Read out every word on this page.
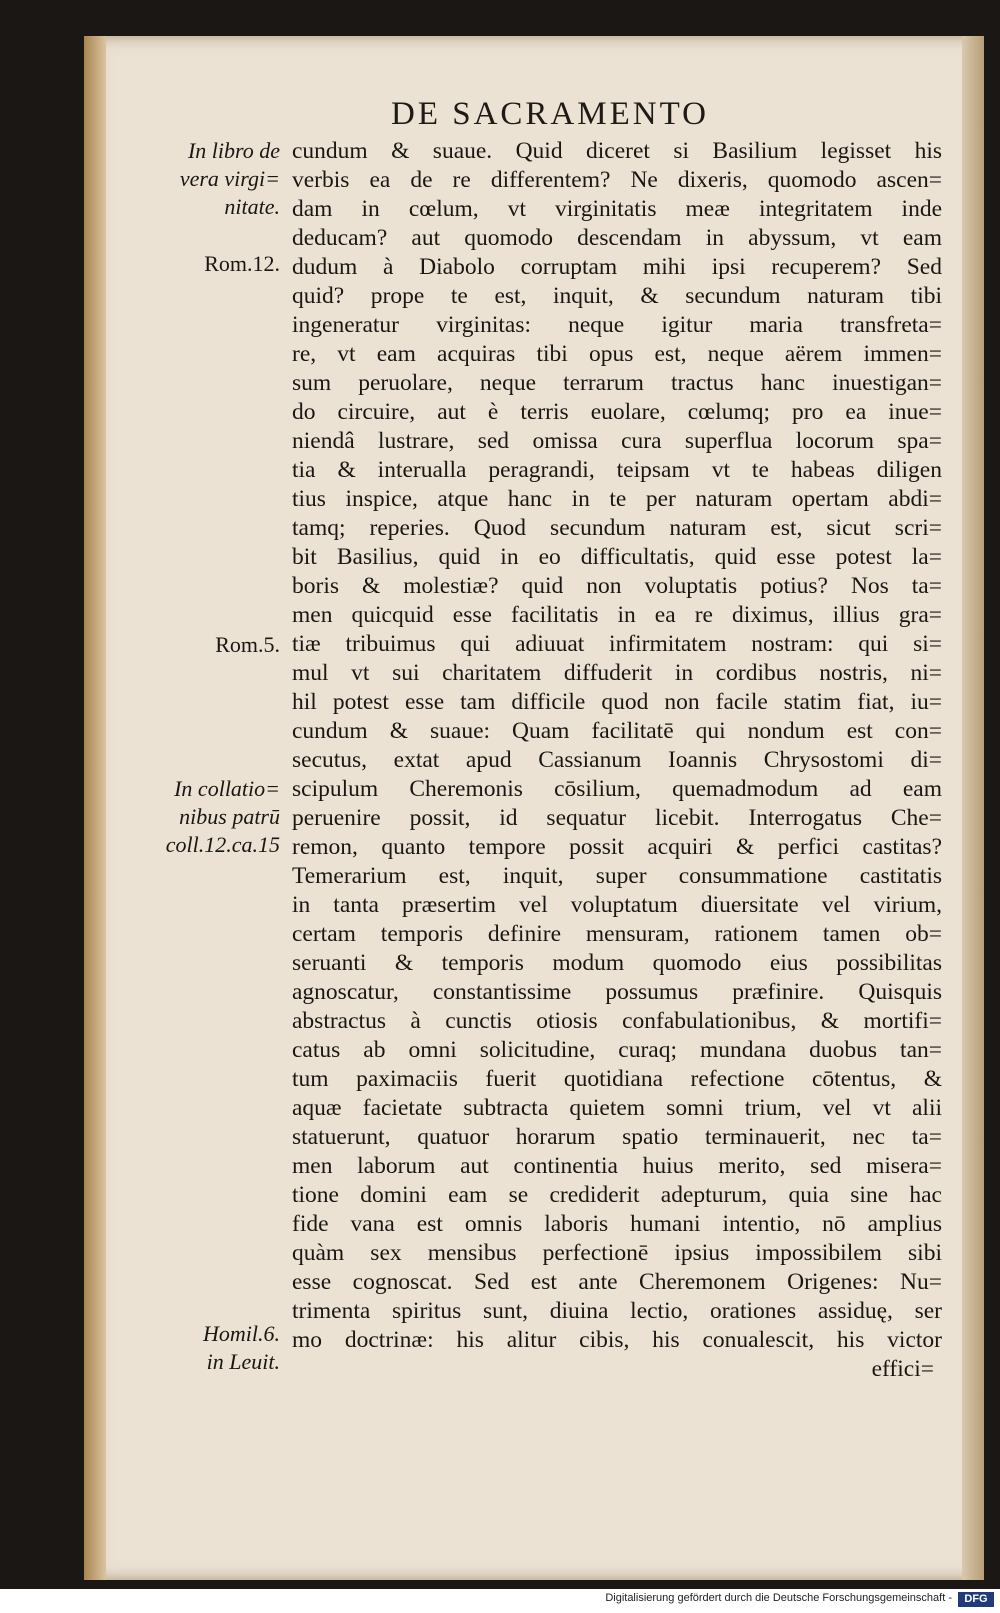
DE SACRAMENTO
In libro de
vera virgi=
nitate.
Rom.12.
Rom.5.
In collatio=
nibus patrū
coll.12.ca.15
Homil.6.
in Leuit.
cundum & suaue. Quid diceret si Basilium legisset his
verbis ea de re differentem? Ne dixeris, quomodo ascen=
dam in cœlum, vt virginitatis meæ integritatem inde
deducam? aut quomodo descendam in abyssum, vt eam
dudum à Diabolo corruptam mihi ipsi recuperem? Sed
quid? prope te est, inquit, & secundum naturam tibi
ingeneratur virginitas: neque igitur maria transfreta=
re, vt eam acquiras tibi opus est, neque aërem immen=
sum peruolare, neque terrarum tractus hanc inuestigan=
do circuire, aut è terris euolare, cœlumq; pro ea inue=
niendâ lustrare, sed omissa cura superflua locorum spa=
tia & interualla peragrandi, teipsam vt te habeas diligen
tius inspice, atque hanc in te per naturam opertam abdi=
tamq; reperies. Quod secundum naturam est, sicut scri=
bit Basilius, quid in eo difficultatis, quid esse potest la=
boris & molestiæ? quid non voluptatis potius? Nos ta=
men quicquid esse facilitatis in ea re diximus, illius gra=
tiæ tribuimus qui adiuuat infirmitatem nostram: qui si=
mul vt sui charitatem diffuderit in cordibus nostris, ni=
hil potest esse tam difficile quod non facile statim fiat, iu=
cundum & suaue: Quam facilitatē qui nondum est con=
secutus, extat apud Cassianum Ioannis Chrysostomi di=
scipulum Cheremonis cōsilium, quemadmodum ad eam
peruenire possit, id sequatur licebit. Interrogatus Che=
remon, quanto tempore possit acquiri & perfici castitas?
Temerarium est, inquit, super consummatione castitatis
in tanta præsertim vel voluptatum diuersitate vel virium,
certam temporis definire mensuram, rationem tamen ob=
seruanti & temporis modum quomodo eius possibilitas
agnoscatur, constantissime possumus præfinire. Quisquis
abstractus à cunctis otiosis confabulationibus, & mortifi=
catus ab omni solicitudine, curaq; mundana duobus tan=
tum paximaciis fuerit quotidiana refectione cōtentus, &
aquæ facietate subtracta quietem somni trium, vel vt alii
statuerunt, quatuor horarum spatio terminauerit, nec ta=
men laborum aut continentia huius merito, sed misera=
tione domini eam se crediderit adepturum, quia sine hac
fide vana est omnis laboris humani intentio, nō amplius
quàm sex mensibus perfectionē ipsius impossibilem sibi
esse cognoscat. Sed est ante Cheremonem Origenes: Nu=
trimenta spiritus sunt, diuina lectio, orationes assiduę, ser
mo doctrinæ: his alitur cibis, his conualescit, his victor
effici=
Digitalisierung gefördert durch die Deutsche Forschungsgemeinschaft -	DFG
